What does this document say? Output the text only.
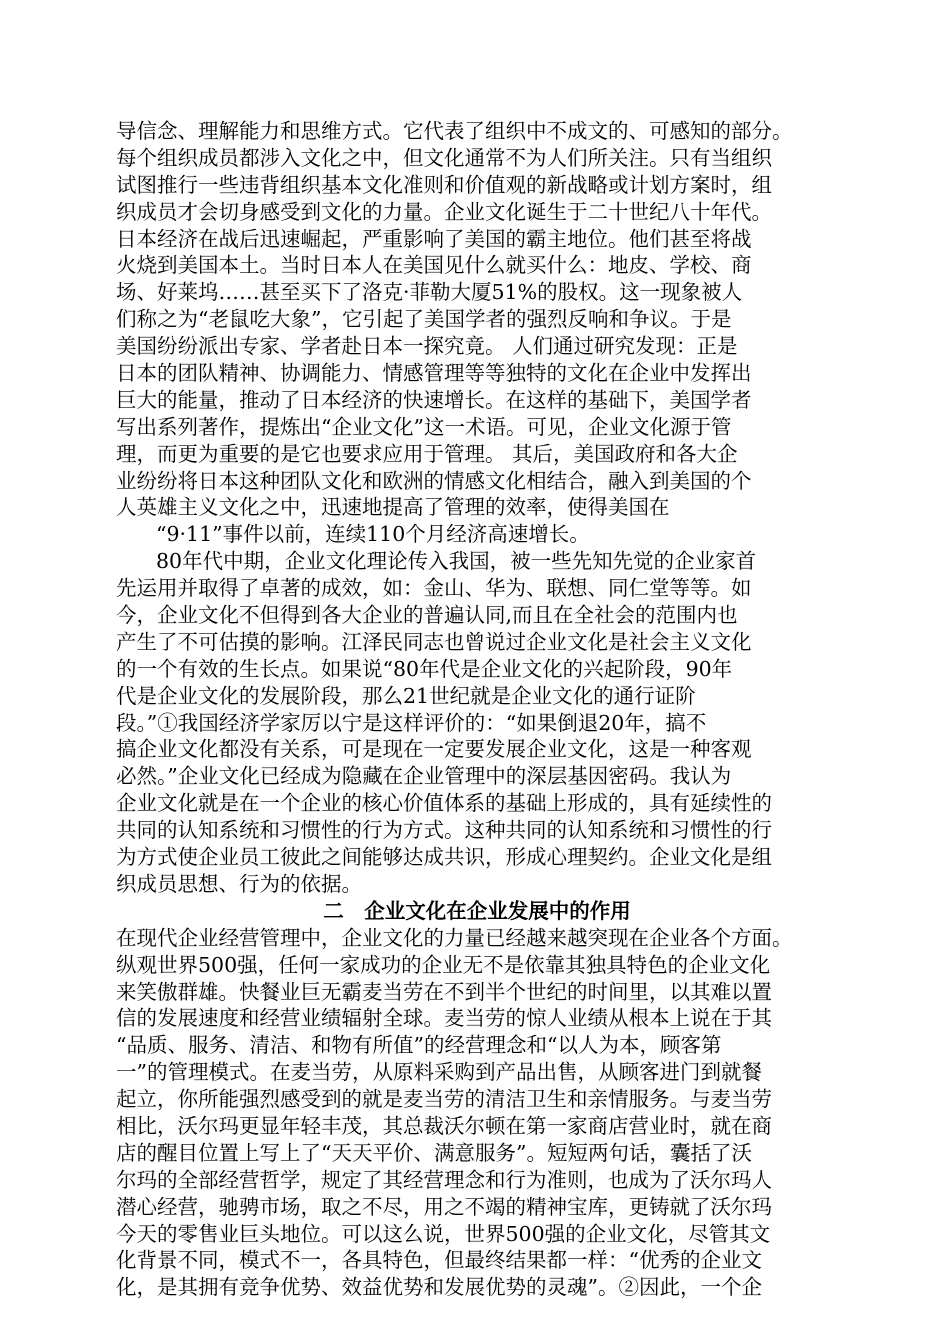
导信念、理解能力和思维方式。它代表了组织中不成文的、可感知的部分。
每个组织成员都涉入文化之中，但文化通常不为人们所关注。只有当组织
试图推行一些违背组织基本文化准则和价值观的新战略或计划方案时，组
织成员才会切身感受到文化的力量。企业文化诞生于二十世纪八十年代。
日本经济在战后迅速崛起，严重影响了美国的霸主地位。他们甚至将战
火烧到美国本土。当时日本人在美国见什么就买什么：地皮、学校、商
场、好莱坞……甚至买下了洛克·菲勒大厦51%的股权。这一现象被人
们称之为“老鼠吃大象”，它引起了美国学者的强烈反响和争议。于是
美国纷纷派出专家、学者赴日本一探究竟。 人们通过研究发现：正是
日本的团队精神、协调能力、情感管理等等独特的文化在企业中发挥出
巨大的能量，推动了日本经济的快速增长。在这样的基础下，美国学者
写出系列著作，提炼出“企业文化”这一术语。可见，企业文化源于管
理，而更为重要的是它也要求应用于管理。 其后，美国政府和各大企
业纷纷将日本这种团队文化和欧洲的情感文化相结合，融入到美国的个
人英雄主义文化之中，迅速地提高了管理的效率，使得美国在
“9·11”事件以前，连续110个月经济高速增长。
80年代中期，企业文化理论传入我国，被一些先知先觉的企业家首
先运用并取得了卓著的成效，如：金山、华为、联想、同仁堂等等。如
今，企业文化不但得到各大企业的普遍认同,而且在全社会的范围内也
产生了不可估摸的影响。江泽民同志也曾说过企业文化是社会主义文化
的一个有效的生长点。如果说“80年代是企业文化的兴起阶段，90年
代是企业文化的发展阶段，那么21世纪就是企业文化的通行证阶
段。”①我国经济学家厉以宁是这样评价的：“如果倒退20年，搞不
搞企业文化都没有关系，可是现在一定要发展企业文化，这是一种客观
必然。”企业文化已经成为隐藏在企业管理中的深层基因密码。我认为
企业文化就是在一个企业的核心价值体系的基础上形成的，具有延续性的
共同的认知系统和习惯性的行为方式。这种共同的认知系统和习惯性的行
为方式使企业员工彼此之间能够达成共识，形成心理契约。企业文化是组
织成员思想、行为的依据。
二　企业文化在企业发展中的作用
在现代企业经营管理中，企业文化的力量已经越来越突现在企业各个方面。
纵观世界500强，任何一家成功的企业无不是依靠其独具特色的企业文化
来笑傲群雄。快餐业巨无霸麦当劳在不到半个世纪的时间里，以其难以置
信的发展速度和经营业绩辐射全球。麦当劳的惊人业绩从根本上说在于其
“品质、服务、清洁、和物有所值”的经营理念和“以人为本，顾客第
一”的管理模式。在麦当劳，从原料采购到产品出售，从顾客进门到就餐
起立，你所能强烈感受到的就是麦当劳的清洁卫生和亲情服务。与麦当劳
相比，沃尔玛更显年轻丰茂，其总裁沃尔顿在第一家商店营业时，就在商
店的醒目位置上写上了“天天平价、满意服务”。短短两句话，囊括了沃
尔玛的全部经营哲学，规定了其经营理念和行为准则，也成为了沃尔玛人
潜心经营，驰骋市场，取之不尽，用之不竭的精神宝库，更铸就了沃尔玛
今天的零售业巨头地位。可以这么说，世界500强的企业文化，尽管其文
化背景不同，模式不一，各具特色，但最终结果都一样：“优秀的企业文
化，是其拥有竞争优势、效益优势和发展优势的灵魂”。②因此，一个企
